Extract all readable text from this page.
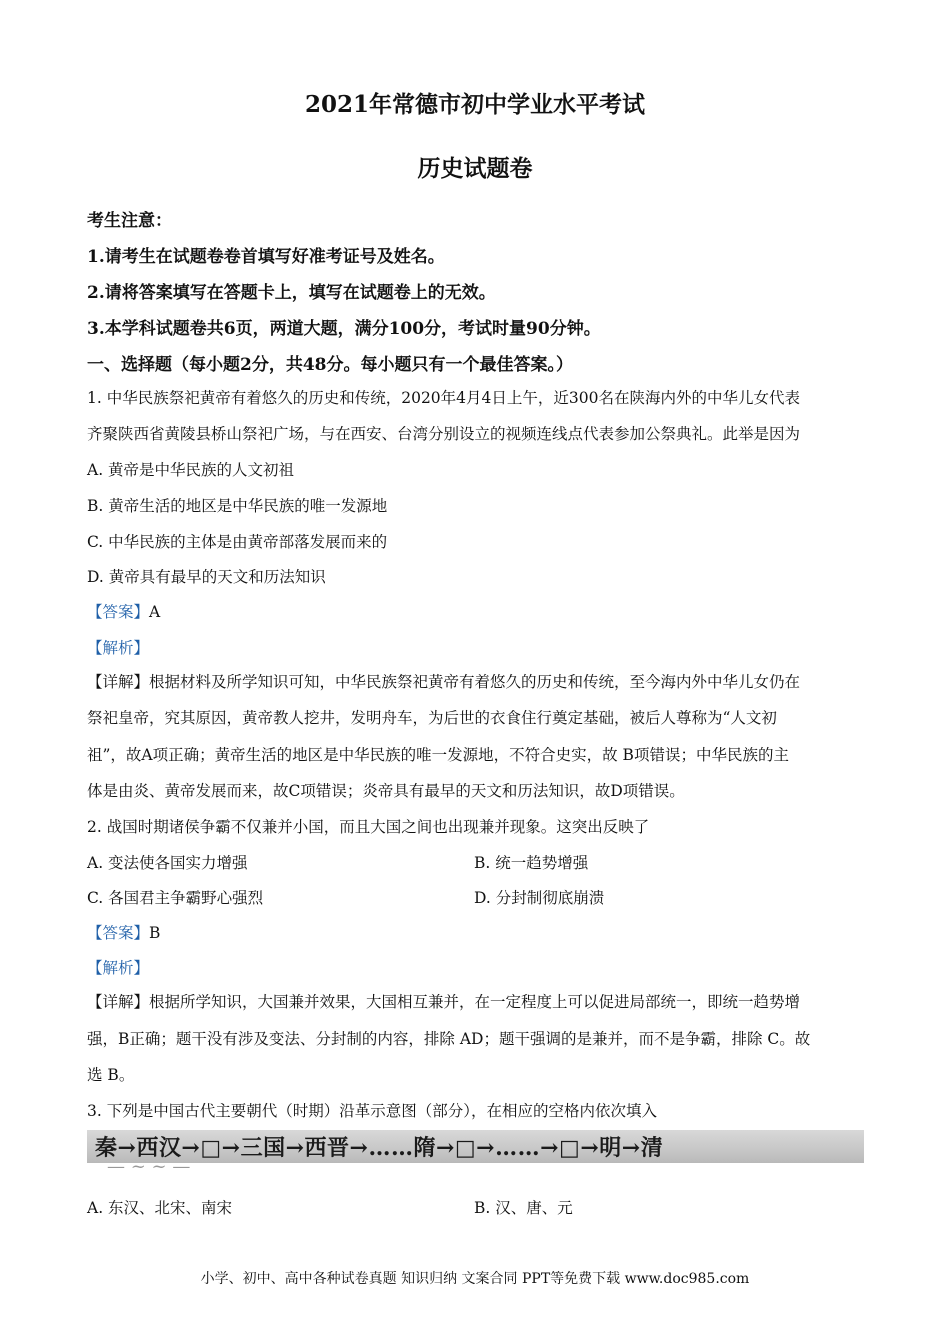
2021年常德市初中学业水平考试
历史试题卷
考生注意：
1.请考生在试题卷卷首填写好准考证号及姓名。
2.请将答案填写在答题卡上，填写在试题卷上的无效。
3.本学科试题卷共6页，两道大题，满分100分，考试时量90分钟。
一、选择题（每小题2分，共48分。每小题只有一个最佳答案。）
1. 中华民族祭祀黄帝有着悠久的历史和传统，2020年4月4日上午，近300名在陕海内外的中华儿女代表
齐聚陕西省黄陵县桥山祭祀广场，与在西安、台湾分别设立的视频连线点代表参加公祭典礼。此举是因为
A. 黄帝是中华民族的人文初祖
B. 黄帝生活的地区是中华民族的唯一发源地
C. 中华民族的主体是由黄帝部落发展而来的
D. 黄帝具有最早的天文和历法知识
【答案】A
【解析】
【详解】根据材料及所学知识可知，中华民族祭祀黄帝有着悠久的历史和传统，至今海内外中华儿女仍在
祭祀皇帝，究其原因，黄帝教人挖井，发明舟车，为后世的衣食住行奠定基础，被后人尊称为“人文初
祖”，故A项正确；黄帝生活的地区是中华民族的唯一发源地，不符合史实，故 B项错误；中华民族的主
体是由炎、黄帝发展而来，故C项错误；炎帝具有最早的天文和历法知识，故D项错误。
2. 战国时期诸侯争霸不仅兼并小国，而且大国之间也出现兼并现象。这突出反映了
A. 变法使各国实力增强	B. 统一趋势增强
C. 各国君主争霸野心强烈	D. 分封制彻底崩溃
【答案】B
【解析】
【详解】根据所学知识，大国兼并效果，大国相互兼并，在一定程度上可以促进局部统一，即统一趋势增
强，B正确；题干没有涉及变法、分封制的内容，排除 AD；题干强调的是兼并，而不是争霸，排除 C。故
选 B。
3. 下列是中国古代主要朝代（时期）沿革示意图（部分），在相应的空格内依次填入
秦→西汉→□→三国→西晋→……隋→□→……→□→明→清
— ~ ~ —
A. 东汉、北宋、南宋	B. 汉、唐、元
小学、初中、高中各种试卷真题 知识归纳 文案合同 PPT等免费下载 www.doc985.com
